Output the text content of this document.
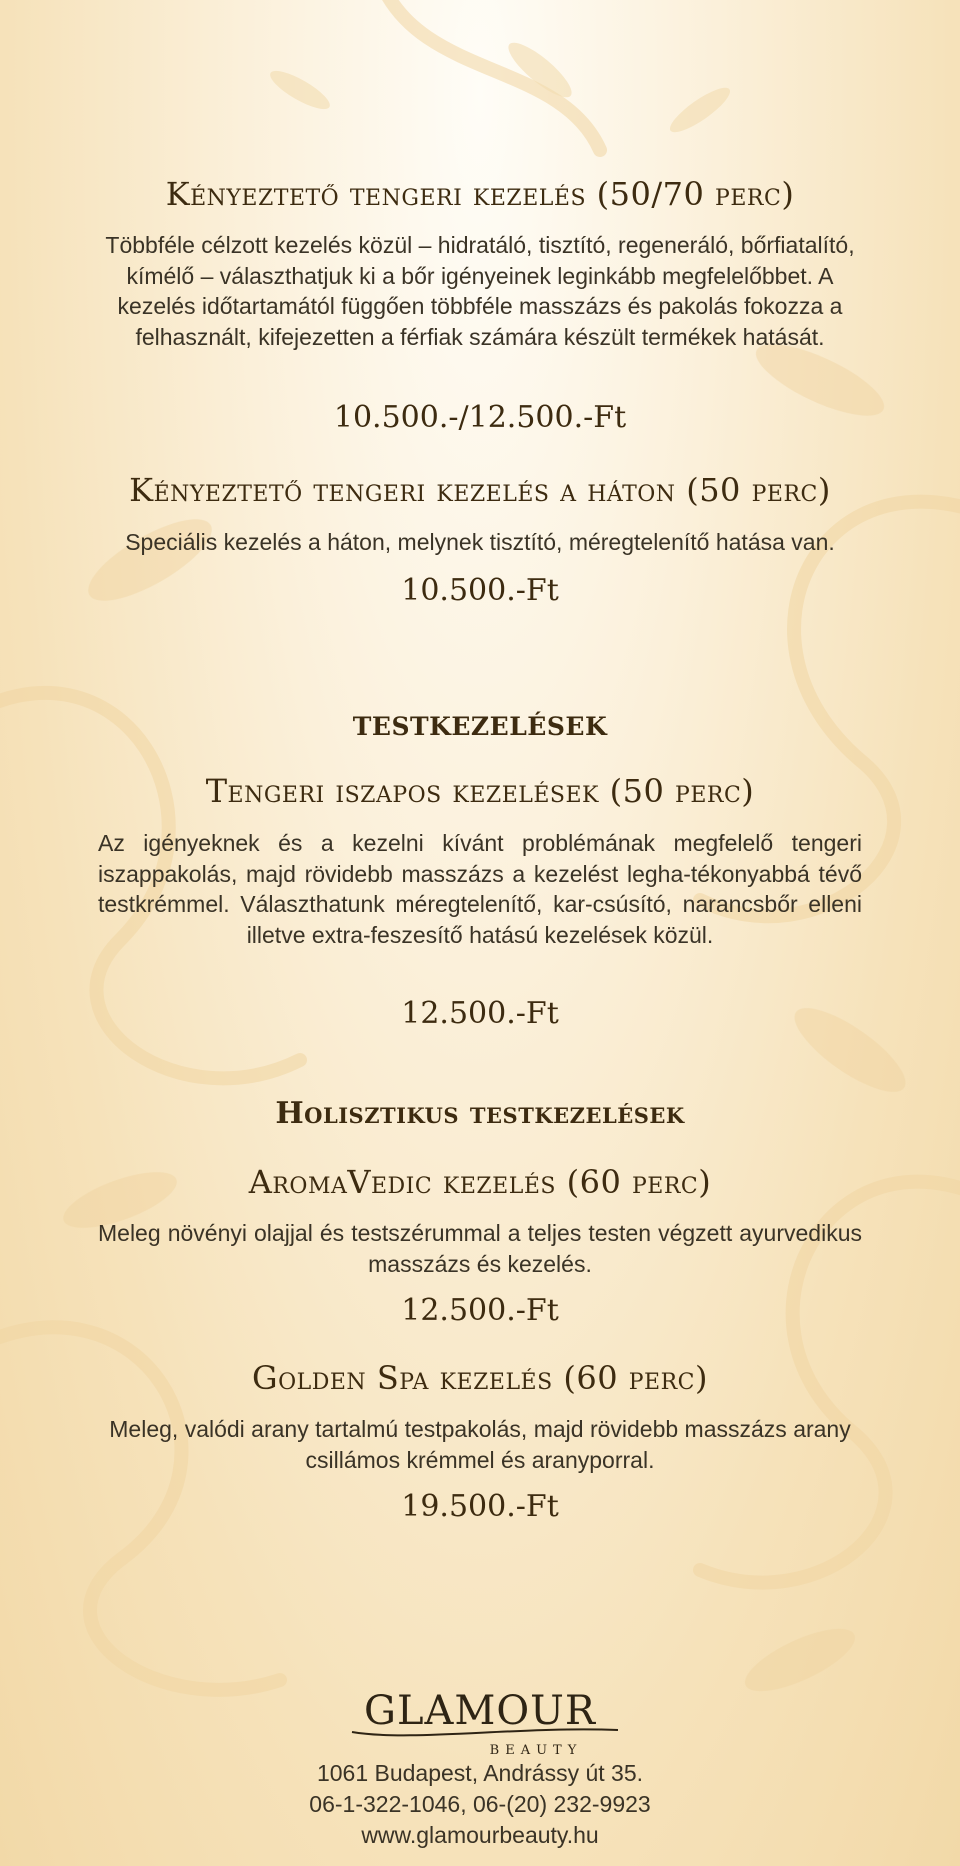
Kényeztető tengeri kezelés (50/70 perc)

Többféle célzott kezelés közül – hidratáló, tisztító, regeneráló, bőrfiatalító, kímélő – választhatjuk ki a bőr igényeinek leginkább megfelelőbbet. A kezelés időtartamától függően többféle masszázs és pakolás fokozza a felhasznált, kifejezetten a férfiak számára készült termékek hatását.

10.500.-/12.500.-Ft

Kényeztető tengeri kezelés a háton (50 perc)

Speciális kezelés a háton, melynek tisztító, méregtelenítő hatása van.

10.500.-Ft

testkezelések
Tengeri iszapos kezelések (50 perc)

Az igényeknek és a kezelni kívánt problémának megfelelő tengeri iszappakolás, majd rövidebb masszázs a kezelést legha-tékonyabbá tévő testkrémmel. Választhatunk méregtelenítő, kar-csúsító, narancsbőr elleni illetve extra-feszesítő hatású kezelések közül.

12.500.-Ft

Holisztikus testkezelések
AromaVedic kezelés (60 perc)

Meleg növényi olajjal és testszérummal a teljes testen végzett ayurvedikus masszázs és kezelés.

12.500.-Ft

Golden Spa kezelés (60 perc)

Meleg, valódi arany tartalmú testpakolás, majd rövidebb masszázs arany csillámos krémmel és aranyporral.

19.500.-Ft

GLAMOUR
BEAUTY

1061 Budapest, Andrássy út 35.

06-1-322-1046, 06-(20) 232-9923

www.glamourbeauty.hu
